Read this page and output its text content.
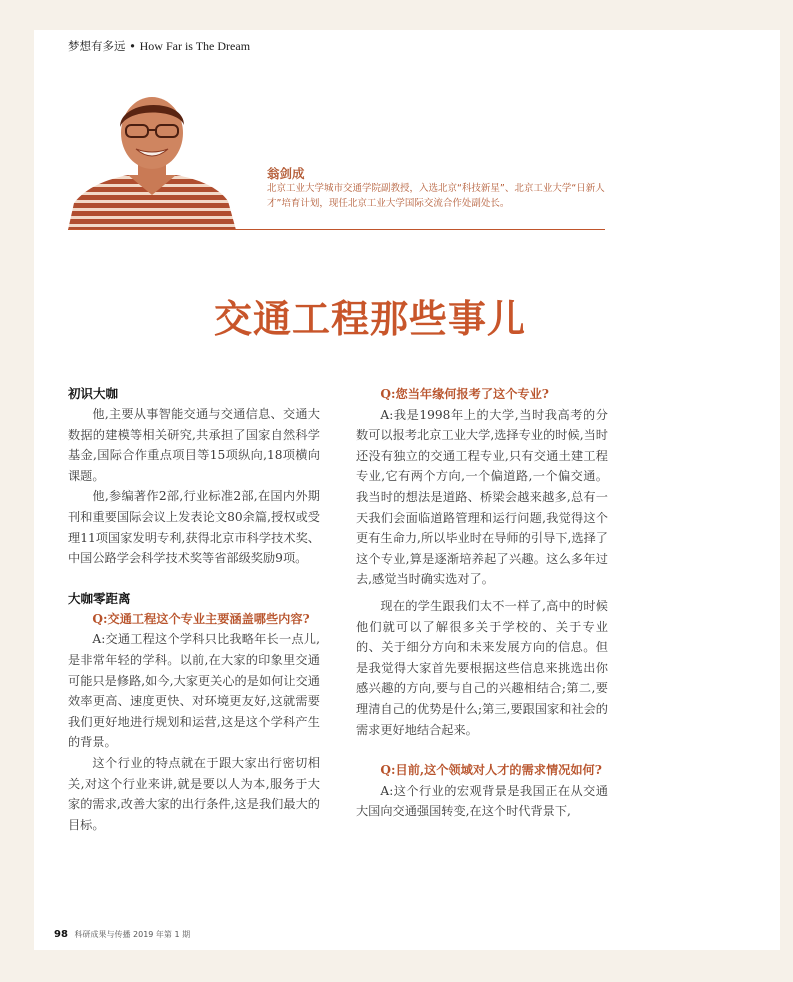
梦想有多远 • How Far is The Dream
翁剑成
北京工业大学城市交通学院副教授，入选北京“科技新星”、北京工业大学“日新人才”培育计划，现任北京工业大学国际交流合作处副处长。
交通工程那些事儿
初识大咖

他,主要从事智能交通与交通信息、交通大数据的建模等相关研究,共承担了国家自然科学基金,国际合作重点项目等15项纵向,18项横向课题。

他,参编著作2部,行业标准2部,在国内外期刊和重要国际会议上发表论文80余篇,授权或受理11项国家发明专利,获得北京市科学技术奖、中国公路学会科学技术奖等省部级奖励9项。

大咖零距离

Q:交通工程这个专业主要涵盖哪些内容?

A:交通工程这个学科只比我略年长一点儿,是非常年轻的学科。以前,在大家的印象里交通可能只是修路,如今,大家更关心的是如何让交通效率更高、速度更快、对环境更友好,这就需要我们更好地进行规划和运营,这是这个学科产生的背景。

这个行业的特点就在于跟大家出行密切相关,对这个行业来讲,就是要以人为本,服务于大家的需求,改善大家的出行条件,这是我们最大的目标。

Q:您当年缘何报考了这个专业?

A:我是1998年上的大学,当时我高考的分数可以报考北京工业大学,选择专业的时候,当时还没有独立的交通工程专业,只有交通土建工程专业,它有两个方向,一个偏道路,一个偏交通。我当时的想法是道路、桥梁会越来越多,总有一天我们会面临道路管理和运行问题,我觉得这个更有生命力,所以毕业时在导师的引导下,选择了这个专业,算是逐渐培养起了兴趣。这么多年过去,感觉当时确实选对了。

现在的学生跟我们太不一样了,高中的时候他们就可以了解很多关于学校的、关于专业的、关于细分方向和未来发展方向的信息。但是我觉得大家首先要根据这些信息来挑选出你感兴趣的方向,要与自己的兴趣相结合;第二,要理清自己的优势是什么;第三,要跟国家和社会的需求更好地结合起来。

Q:目前,这个领域对人才的需求情况如何?

A:这个行业的宏观背景是我国正在从交通大国向交通强国转变,在这个时代背景下,

98 科研成果与传播 2019 年第 1 期
